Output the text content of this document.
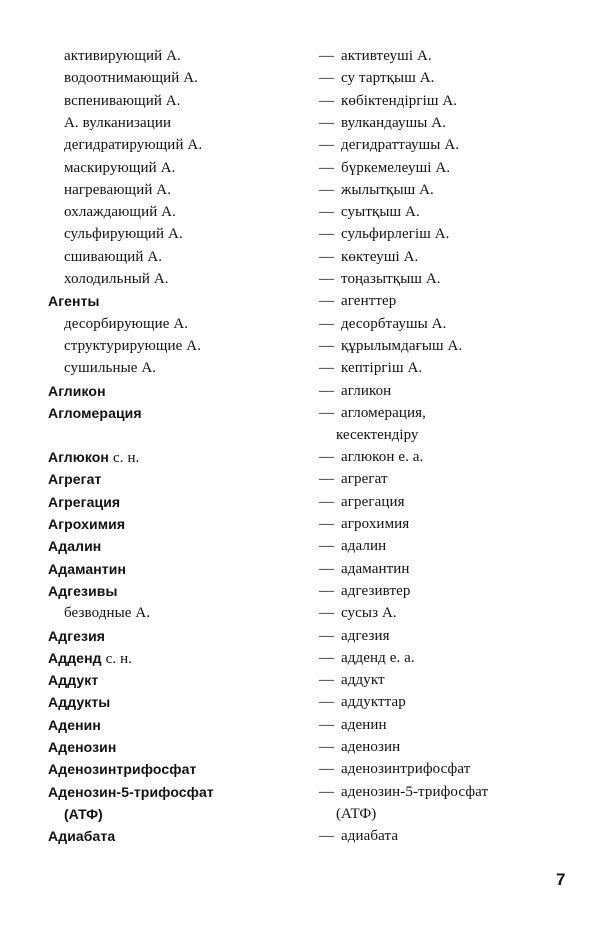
активирующий А.	— активтеуші А.
водоотнимающий А.	— су тартқыш А.
вспенивающий А.	— көбіктендіргіш А.
А. вулканизации	— вулкандаушы А.
дегидратирующий А.	— дегидраттаушы А.
маскирующий А.	— бүркемелеуші А.
нагревающий А.	— жылытқыш А.
охлаждающий А.	— суытқыш А.
сульфирующий А.	— сульфирлегіш А.
сшивающий А.	— көктеуші А.
холодильный А.	— тоңазытқыш А.
Агенты	— агенттер
десорбирующие А.	— десорбтаушы А.
структурирующие А.	— құрылымдағыш А.
сушильные А.	— кептіргіш А.
Агликон	— агликон
Агломерация	— агломерация,
кесектендіру
Аглюкон с. н.	— аглюкон е. а.
Агрегат	— агрегат
Агрегация	— агрегация
Агрохимия	— агрохимия
Адалин	— адалин
Адамантин	— адамантин
Адгезивы	— адгезивтер
безводные А.	— сусыз А.
Адгезия	— адгезия
Адденд с. н.	— адденд е. а.
Аддукт	— аддукт
Аддукты	— аддукттар
Аденин	— аденин
Аденозин	— аденозин
Аденозинтрифосфат	— аденозинтрифосфат
Аденозин-5-трифосфат	— аденозин-5-трифосфат
(АТФ)	(АТФ)
Адиабата	— адиабата
7
